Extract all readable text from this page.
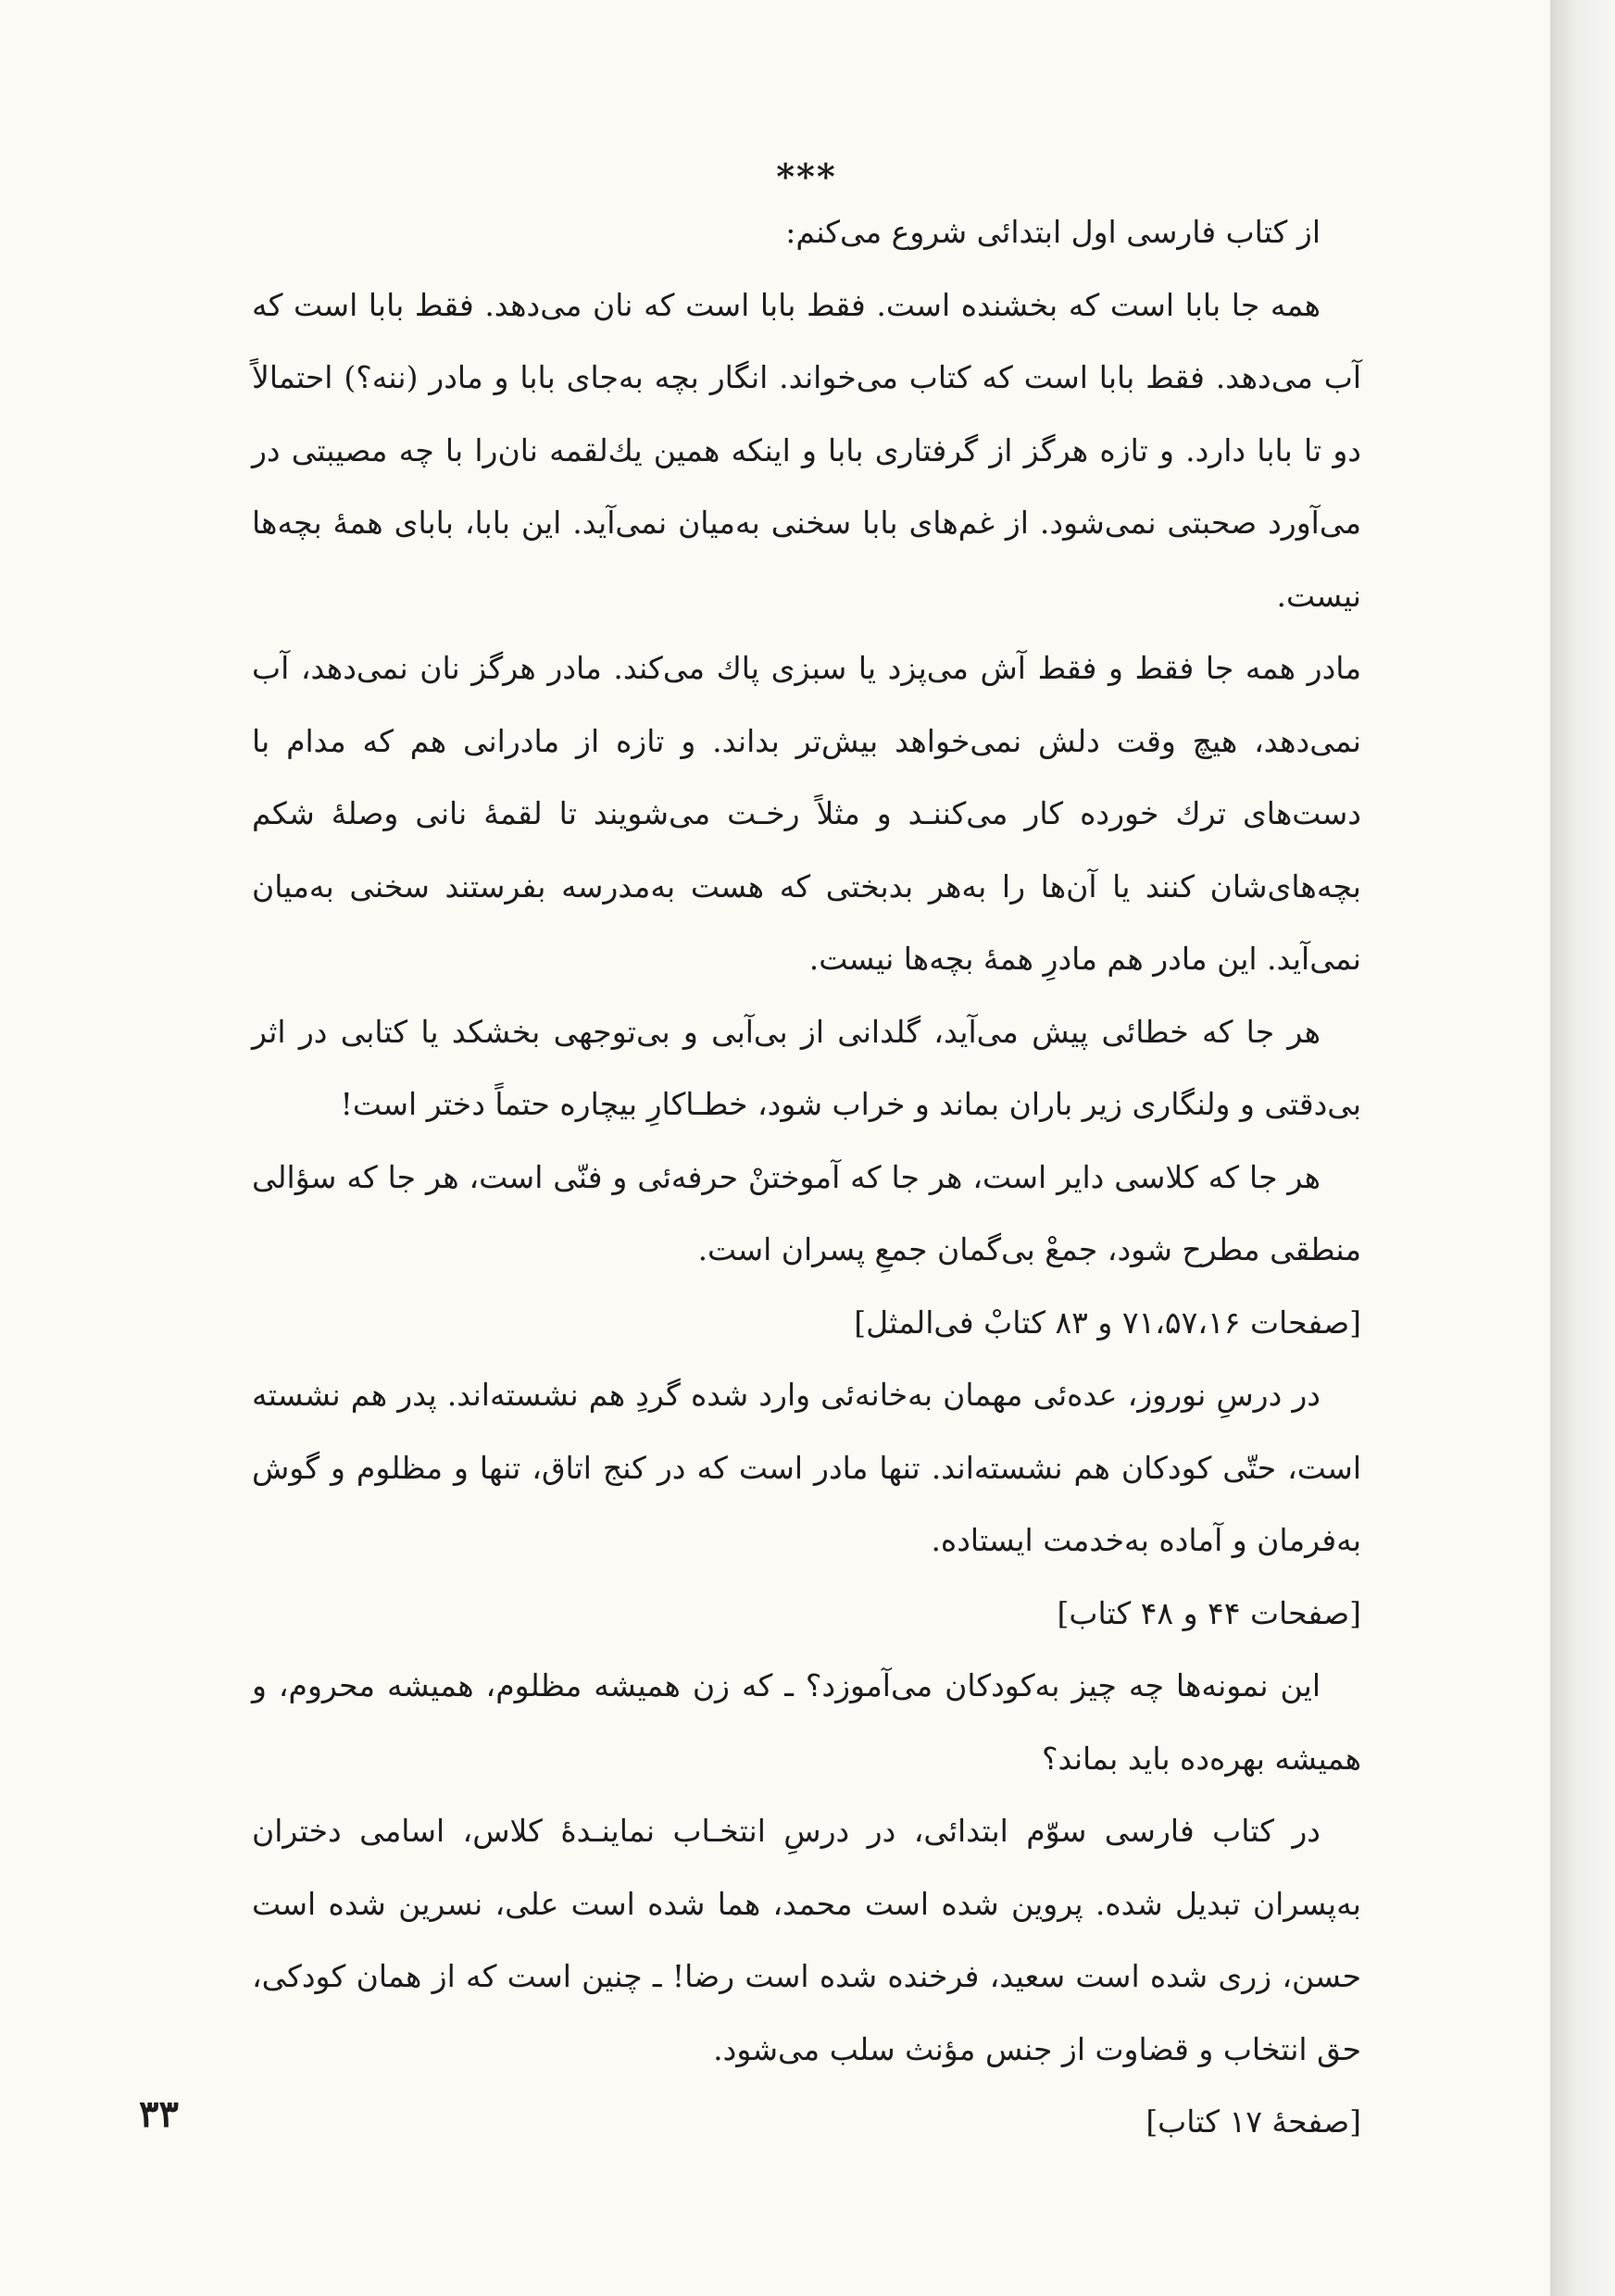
***

از کتاب فارسی اول ابتدائی شروع می‌کنم:

همه جا بابا است که بخشنده است. فقط بابا است که نان می‌دهد. فقط بابا است که آب می‌دهد. فقط بابا است که کتاب می‌خواند. انگار بچه به‌جای بابا و مادر (ننه؟) احتمالاً دو تا بابا دارد. و تازه هرگز از گرفتاری بابا و اینکه همین یك‌لقمه نان‌را با چه مصیبتی در می‌آورد صحبتی نمی‌شود. از غم‌های بابا سخنی به‌میان نمی‌آید. این بابا، بابای همهٔ بچه‌ها نیست.

مادر همه جا فقط و فقط آش می‌پزد یا سبزی پاك می‌کند. مادر هرگز نان نمی‌دهد، آب نمی‌دهد، هیچ وقت دلش نمی‌خواهد بیش‌تر بداند. و تازه از مادرانی هم که مدام با دست‌های ترك خورده کار می‌کننـد و مثلاً رخـت می‌شویند تا لقمهٔ نانی وصلهٔ شکم بچه‌های‌شان کنند یا آن‌ها را به‌هر بدبختی که هست به‌مدرسه بفرستند سخنی به‌میان نمی‌آید. این مادر هم مادرِ همهٔ بچه‌ها نیست.

هر جا که خطائی پیش می‌آید، گلدانی از بی‌آبی و بی‌توجهی بخشکد یا کتابی در اثر بی‌دقتی و ولنگاری زیر باران بماند و خراب شود، خطـاکارِ بیچاره حتماً دختر است!

هر جا که کلاسی دایر است، هر جا که آموختنْ حرفه‌ئی و فنّی است، هر جا که سؤالی منطقی مطرح شود، جمعْ بی‌گمان جمعِ پسران است.

[صفحات ۷۱،۵۷،۱۶ و ۸۳ کتابْ فی‌المثل]

در درسِ نوروز، عده‌ئی مهمان به‌خانه‌ئی وارد شده گردِ هم نشسته‌اند. پدر هم نشسته است، حتّی کودکان هم نشسته‌اند. تنها مادر است که در کنج اتاق، تنها و مظلوم و گوش به‌فرمان و آماده به‌خدمت ایستاده.

[صفحات ۴۴ و ۴۸ کتاب]

این نمونه‌ها چه چیز به‌کودکان می‌آموزد؟ ـ که زن همیشه مظلوم، همیشه محروم، و همیشه بهره‌ده باید بماند؟

در کتاب فارسی سوّم ابتدائی، در درسِ انتخـاب نماینـدهٔ کلاس، اسامی دختران به‌پسران تبدیل شده. پروین شده است محمد، هما شده است علی، نسرین شده است حسن، زری شده است سعید، فرخنده شده است رضا! ـ چنین است که از همان کودکی، حق انتخاب و قضاوت از جنس مؤنث سلب می‌شود.

[صفحهٔ ۱۷ کتاب]

۳۳
